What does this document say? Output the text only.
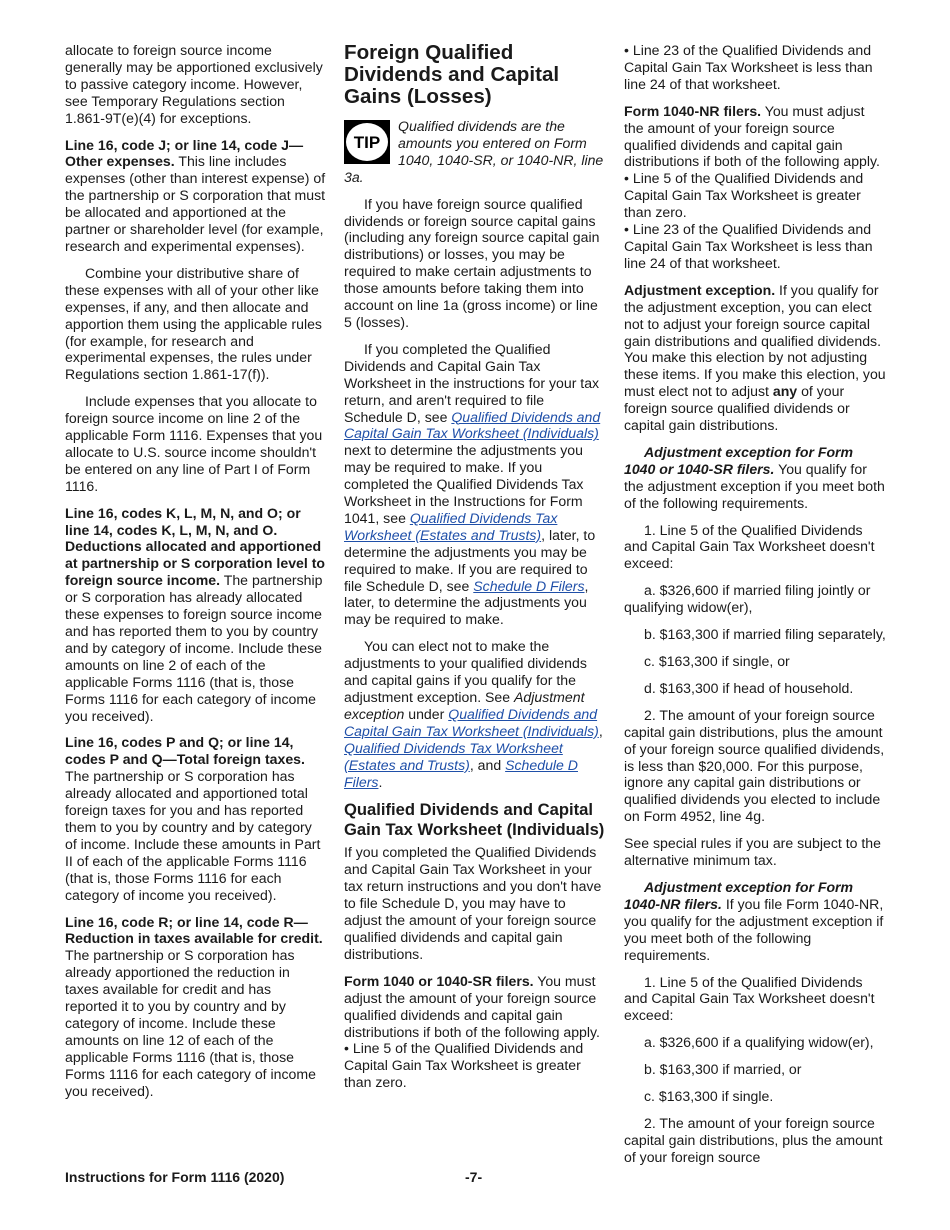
allocate to foreign source income generally may be apportioned exclusively to passive category income. However, see Temporary Regulations section 1.861-9T(e)(4) for exceptions.

Line 16, code J; or line 14, code J—Other expenses. This line includes expenses (other than interest expense) of the partnership or S corporation that must be allocated and apportioned at the partner or shareholder level (for example, research and experimental expenses).

Combine your distributive share of these expenses with all of your other like expenses, if any, and then allocate and apportion them using the applicable rules (for example, for research and experimental expenses, the rules under Regulations section 1.861-17(f)).

Include expenses that you allocate to foreign source income on line 2 of the applicable Form 1116. Expenses that you allocate to U.S. source income shouldn't be entered on any line of Part I of Form 1116.

Line 16, codes K, L, M, N, and O; or line 14, codes K, L, M, N, and O. Deductions allocated and apportioned at partnership or S corporation level to foreign source income. The partnership or S corporation has already allocated these expenses to foreign source income and has reported them to you by country and by category of income. Include these amounts on line 2 of each of the applicable Forms 1116 (that is, those Forms 1116 for each category of income you received).

Line 16, codes P and Q; or line 14, codes P and Q—Total foreign taxes. The partnership or S corporation has already allocated and apportioned total foreign taxes for you and has reported them to you by country and by category of income. Include these amounts in Part II of each of the applicable Forms 1116 (that is, those Forms 1116 for each category of income you received).

Line 16, code R; or line 14, code R—Reduction in taxes available for credit. The partnership or S corporation has already apportioned the reduction in taxes available for credit and has reported it to you by country and by category of income. Include these amounts on line 12 of each of the applicable Forms 1116 (that is, those Forms 1116 for each category of income you received).

Foreign Qualified Dividends and Capital Gains (Losses)
TIP
Qualified dividends are the amounts you entered on Form 1040, 1040-SR, or 1040-NR, line 3a.

If you have foreign source qualified dividends or foreign source capital gains (including any foreign source capital gain distributions) or losses, you may be required to make certain adjustments to those amounts before taking them into account on line 1a (gross income) or line 5 (losses).

If you completed the Qualified Dividends and Capital Gain Tax Worksheet in the instructions for your tax return, and aren't required to file Schedule D, see Qualified Dividends and Capital Gain Tax Worksheet (Individuals) next to determine the adjustments you may be required to make. If you completed the Qualified Dividends Tax Worksheet in the Instructions for Form 1041, see Qualified Dividends Tax Worksheet (Estates and Trusts), later, to determine the adjustments you may be required to make. If you are required to file Schedule D, see Schedule D Filers, later, to determine the adjustments you may be required to make.

You can elect not to make the adjustments to your qualified dividends and capital gains if you qualify for the adjustment exception. See Adjustment exception under Qualified Dividends and Capital Gain Tax Worksheet (Individuals), Qualified Dividends Tax Worksheet (Estates and Trusts), and Schedule D Filers.

Qualified Dividends and Capital Gain Tax Worksheet (Individuals)

If you completed the Qualified Dividends and Capital Gain Tax Worksheet in your tax return instructions and you don't have to file Schedule D, you may have to adjust the amount of your foreign source qualified dividends and capital gain distributions.

Form 1040 or 1040-SR filers. You must adjust the amount of your foreign source qualified dividends and capital gain distributions if both of the following apply.

• Line 5 of the Qualified Dividends and Capital Gain Tax Worksheet is greater than zero.

• Line 23 of the Qualified Dividends and Capital Gain Tax Worksheet is less than line 24 of that worksheet.

Form 1040-NR filers. You must adjust the amount of your foreign source qualified dividends and capital gain distributions if both of the following apply.

• Line 5 of the Qualified Dividends and Capital Gain Tax Worksheet is greater than zero.

• Line 23 of the Qualified Dividends and Capital Gain Tax Worksheet is less than line 24 of that worksheet.

Adjustment exception. If you qualify for the adjustment exception, you can elect not to adjust your foreign source capital gain distributions and qualified dividends. You make this election by not adjusting these items. If you make this election, you must elect not to adjust any of your foreign source qualified dividends or capital gain distributions.

Adjustment exception for Form 1040 or 1040-SR filers. You qualify for the adjustment exception if you meet both of the following requirements.

1. Line 5 of the Qualified Dividends and Capital Gain Tax Worksheet doesn't exceed:

a. $326,600 if married filing jointly or qualifying widow(er),

b. $163,300 if married filing separately,

c. $163,300 if single, or

d. $163,300 if head of household.

2. The amount of your foreign source capital gain distributions, plus the amount of your foreign source qualified dividends, is less than $20,000. For this purpose, ignore any capital gain distributions or qualified dividends you elected to include on Form 4952, line 4g.

See special rules if you are subject to the alternative minimum tax.

Adjustment exception for Form 1040-NR filers. If you file Form 1040-NR, you qualify for the adjustment exception if you meet both of the following requirements.

1. Line 5 of the Qualified Dividends and Capital Gain Tax Worksheet doesn't exceed:

a. $326,600 if a qualifying widow(er),

b. $163,300 if married, or

c. $163,300 if single.

2. The amount of your foreign source capital gain distributions, plus the amount of your foreign source

Instructions for Form 1116 (2020)	-7-
